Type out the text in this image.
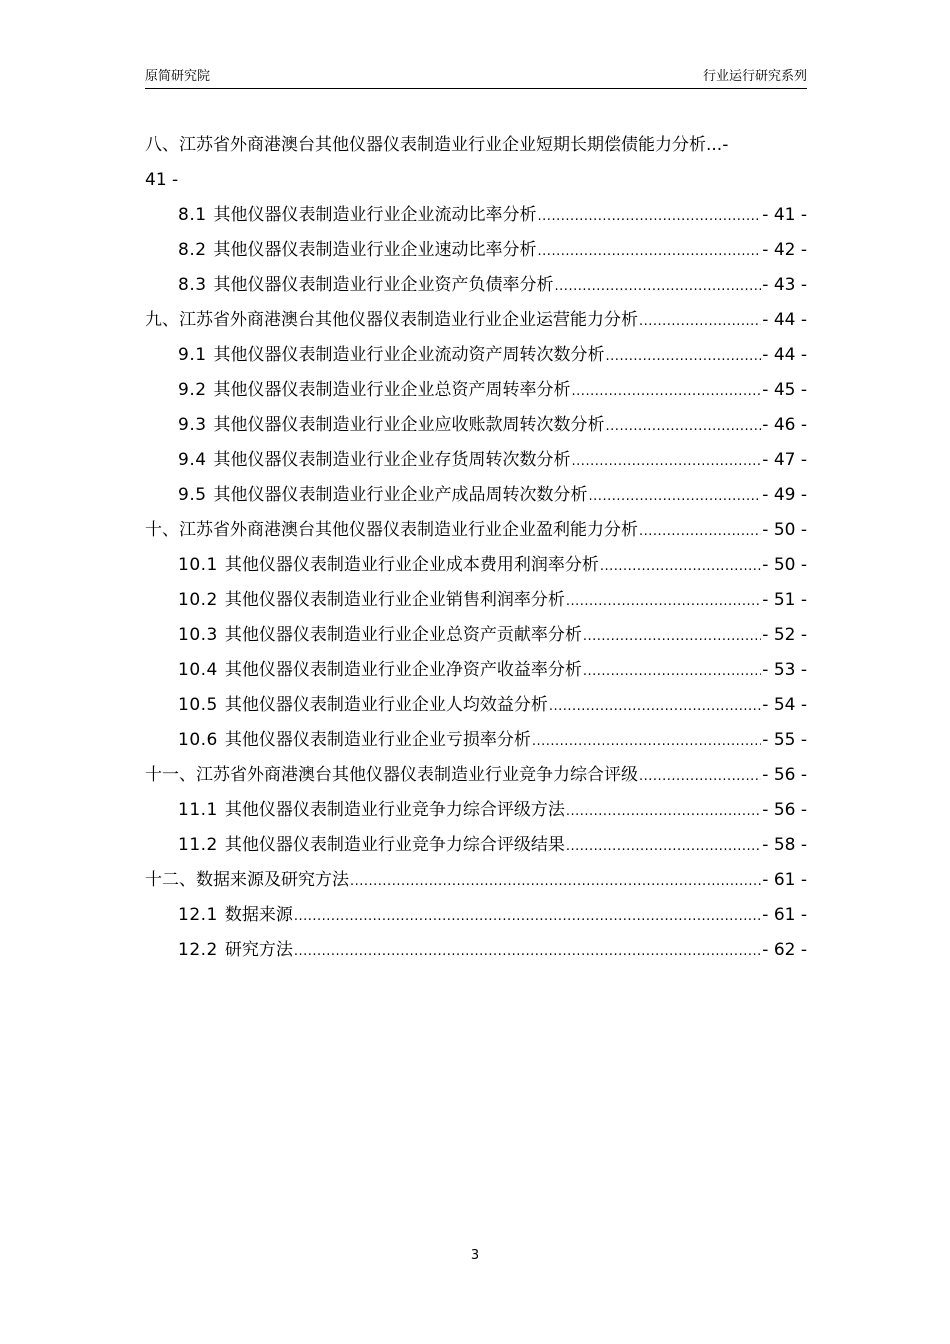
原简研究院	行业运行研究系列
八、江苏省外商港澳台其他仪器仪表制造业行业企业短期长期偿债能力分析...-
41 -
8.1 其他仪器仪表制造业行业企业流动比率分析 .....	- 41 -
8.2 其他仪器仪表制造业行业企业速动比率分析 .....	- 42 -
8.3 其他仪器仪表制造业行业企业资产负债率分析 .....	- 43 -
九、江苏省外商港澳台其他仪器仪表制造业行业企业运营能力分析 .....	- 44 -
9.1 其他仪器仪表制造业行业企业流动资产周转次数分析 .....	- 44 -
9.2 其他仪器仪表制造业行业企业总资产周转率分析 .....	- 45 -
9.3 其他仪器仪表制造业行业企业应收账款周转次数分析 .....	- 46 -
9.4 其他仪器仪表制造业行业企业存货周转次数分析 .....	- 47 -
9.5 其他仪器仪表制造业行业企业产成品周转次数分析 .....	- 49 -
十、江苏省外商港澳台其他仪器仪表制造业行业企业盈利能力分析 .....	- 50 -
10.1 其他仪器仪表制造业行业企业成本费用利润率分析 .....	- 50 -
10.2 其他仪器仪表制造业行业企业销售利润率分析 .....	- 51 -
10.3 其他仪器仪表制造业行业企业总资产贡献率分析 .....	- 52 -
10.4 其他仪器仪表制造业行业企业净资产收益率分析 .....	- 53 -
10.5 其他仪器仪表制造业行业企业人均效益分析 .....	- 54 -
10.6 其他仪器仪表制造业行业企业亏损率分析 .....	- 55 -
十一、江苏省外商港澳台其他仪器仪表制造业行业竞争力综合评级 .....	- 56 -
11.1 其他仪器仪表制造业行业竞争力综合评级方法 .....	- 56 -
11.2 其他仪器仪表制造业行业竞争力综合评级结果 .....	- 58 -
十二、数据来源及研究方法 .....	- 61 -
12.1 数据来源 .....	- 61 -
12.2 研究方法 .....	- 62 -
3
